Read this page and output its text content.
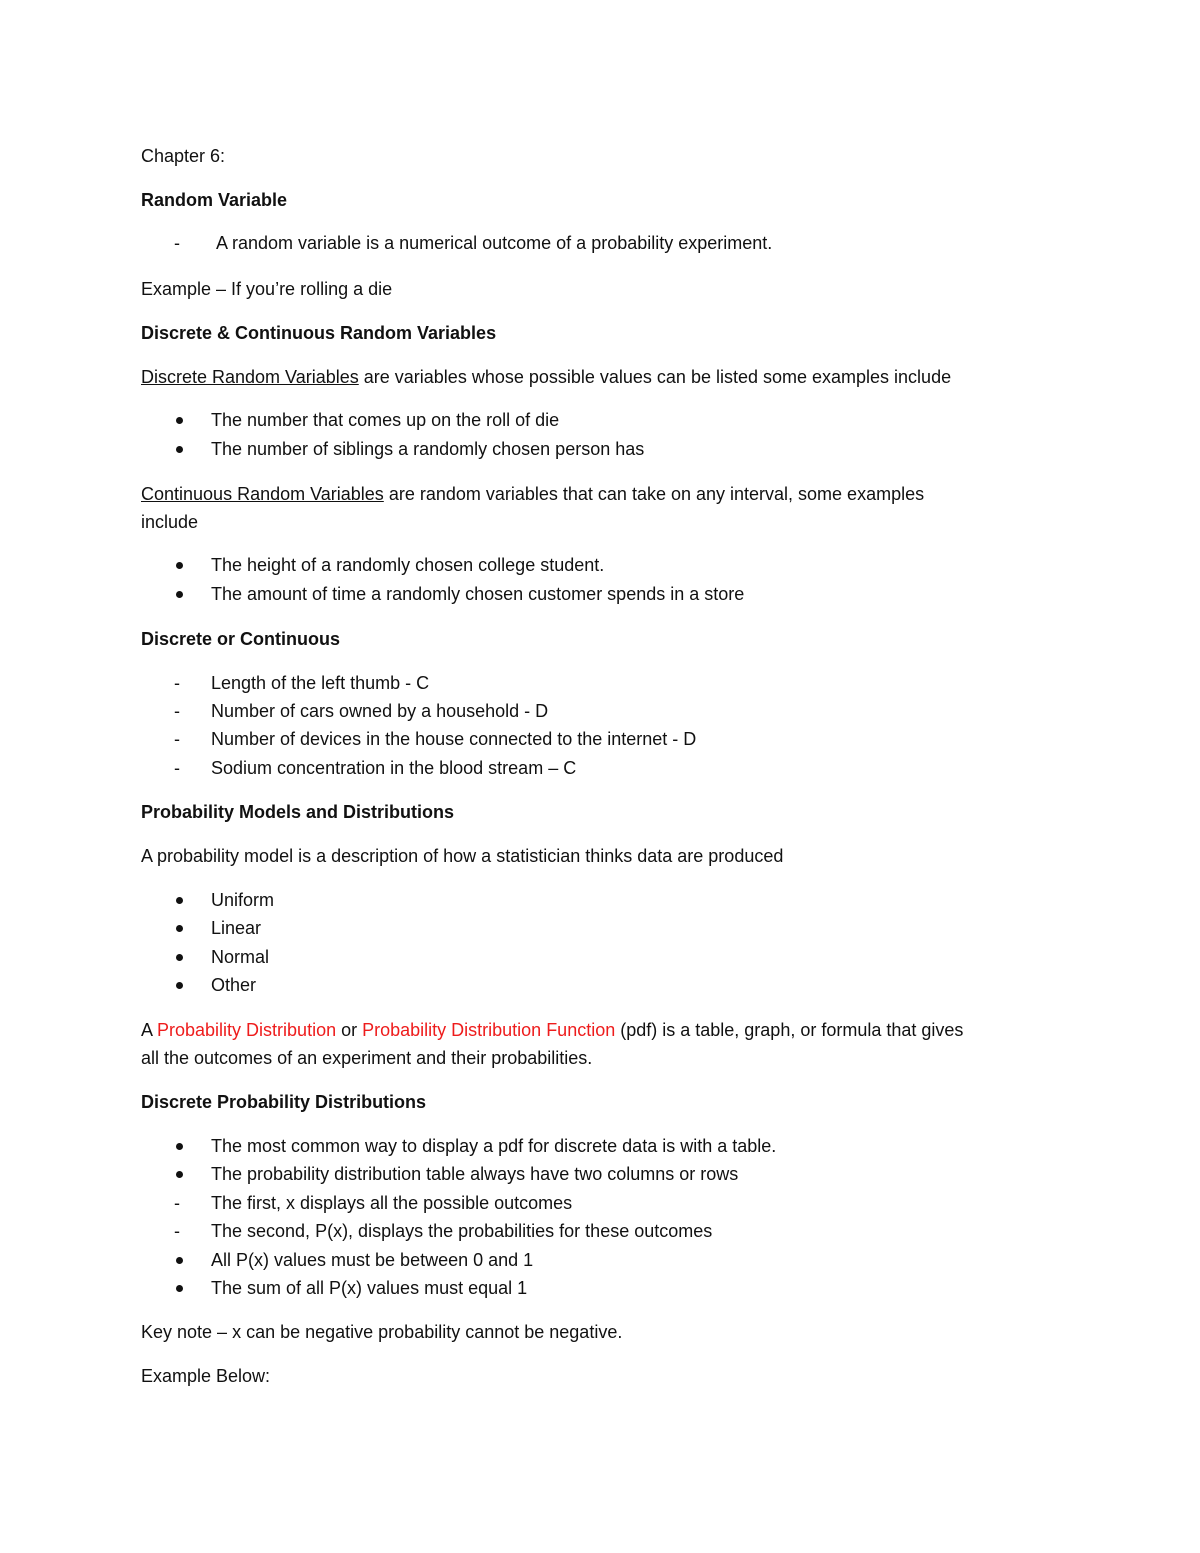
Chapter 6:
Random Variable
- A random variable is a numerical outcome of a probability experiment.
Example – If you’re rolling a die
Discrete & Continuous Random Variables
Discrete Random Variables are variables whose possible values can be listed some examples include
The number that comes up on the roll of die
The number of siblings a randomly chosen person has
Continuous Random Variables are random variables that can take on any interval, some examples
include
The height of a randomly chosen college student.
The amount of time a randomly chosen customer spends in a store
Discrete or Continuous
- Length of the left thumb - C
- Number of cars owned by a household - D
- Number of devices in the house connected to the internet - D
- Sodium concentration in the blood stream – C
Probability Models and Distributions
A probability model is a description of how a statistician thinks data are produced
Uniform
Linear
Normal
Other
A Probability Distribution or Probability Distribution Function (pdf) is a table, graph, or formula that gives
all the outcomes of an experiment and their probabilities.
Discrete Probability Distributions
The most common way to display a pdf for discrete data is with a table.
The probability distribution table always have two columns or rows
- The first, x displays all the possible outcomes
- The second, P(x), displays the probabilities for these outcomes
All P(x) values must be between 0 and 1
The sum of all P(x) values must equal 1
Key note – x can be negative probability cannot be negative.
Example Below:
